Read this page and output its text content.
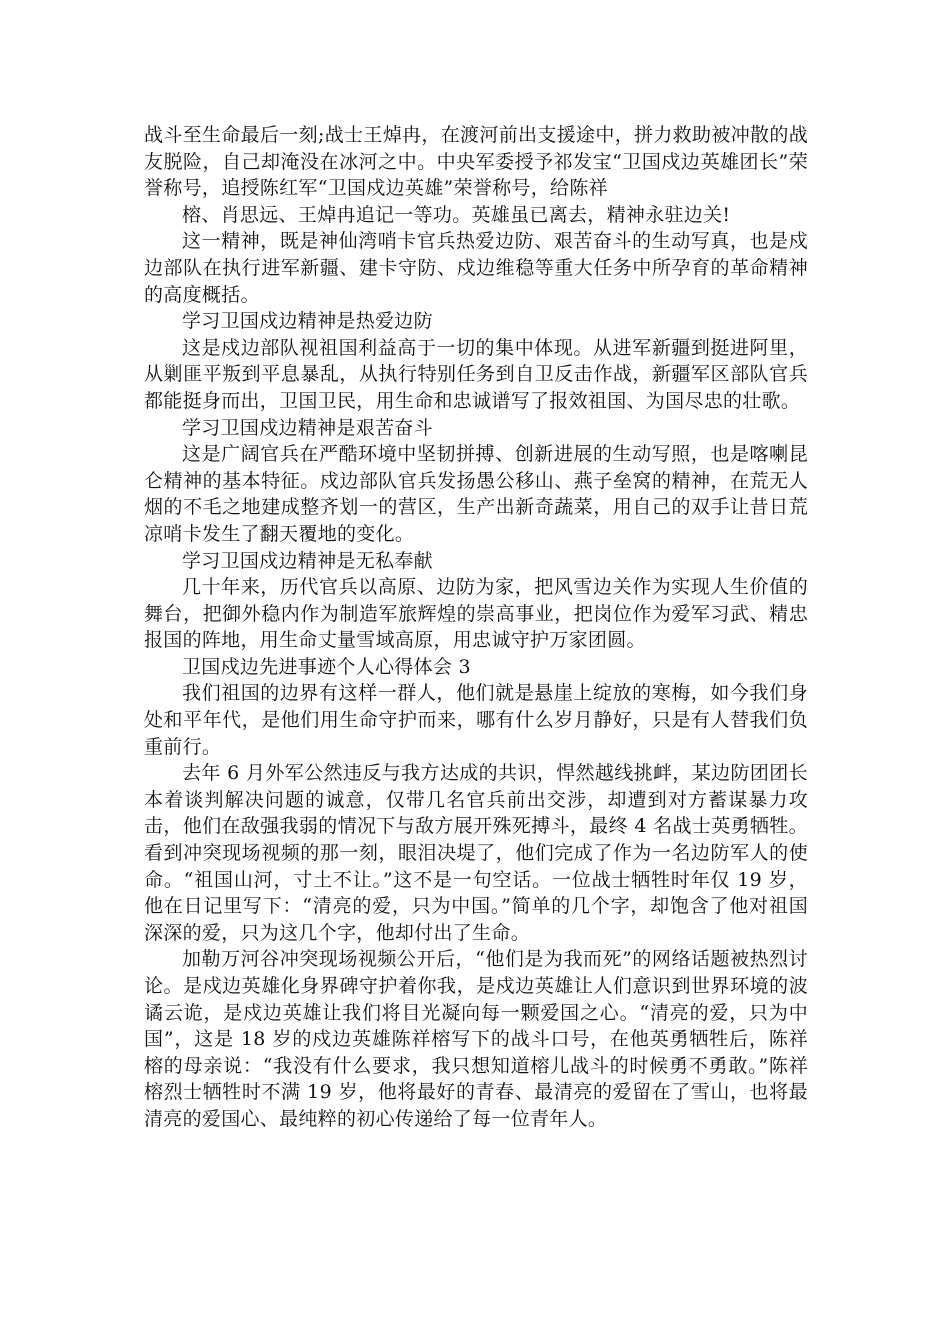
战斗至生命最后一刻;战士王焯冉，在渡河前出支援途中，拼力救助被冲散的战友脱险，自己却淹没在冰河之中。中央军委授予祁发宝“卫国戍边英雄团长”荣誉称号，追授陈红军“卫国戍边英雄”荣誉称号，给陈祥

榕、肖思远、王焯冉追记一等功。英雄虽已离去，精神永驻边关!

这一精神，既是神仙湾哨卡官兵热爱边防、艰苦奋斗的生动写真，也是戍边部队在执行进军新疆、建卡守防、戍边维稳等重大任务中所孕育的革命精神的高度概括。

学习卫国戍边精神是热爱边防

这是戍边部队视祖国利益高于一切的集中体现。从进军新疆到挺进阿里，从剿匪平叛到平息暴乱，从执行特别任务到自卫反击作战，新疆军区部队官兵都能挺身而出，卫国卫民，用生命和忠诚谱写了报效祖国、为国尽忠的壮歌。

学习卫国戍边精神是艰苦奋斗

这是广阔官兵在严酷环境中坚韧拼搏、创新进展的生动写照，也是喀喇昆仑精神的基本特征。戍边部队官兵发扬愚公移山、燕子垒窝的精神，在荒无人烟的不毛之地建成整齐划一的营区，生产出新奇蔬菜，用自己的双手让昔日荒凉哨卡发生了翻天覆地的变化。

学习卫国戍边精神是无私奉献

几十年来，历代官兵以高原、边防为家，把风雪边关作为实现人生价值的舞台，把御外稳内作为制造军旅辉煌的崇高事业，把岗位作为爱军习武、精忠报国的阵地，用生命丈量雪域高原，用忠诚守护万家团圆。

卫国戍边先进事迹个人心得体会 3

我们祖国的边界有这样一群人，他们就是悬崖上绽放的寒梅，如今我们身处和平年代，是他们用生命守护而来，哪有什么岁月静好，只是有人替我们负重前行。

去年 6 月外军公然违反与我方达成的共识，悍然越线挑衅，某边防团团长本着谈判解决问题的诚意，仅带几名官兵前出交涉，却遭到对方蓄谋暴力攻击，他们在敌强我弱的情况下与敌方展开殊死搏斗，最终 4 名战士英勇牺牲。看到冲突现场视频的那一刻，眼泪决堤了，他们完成了作为一名边防军人的使命。“祖国山河，寸土不让。”这不是一句空话。一位战士牺牲时年仅 19 岁，他在日记里写下：“清亮的爱，只为中国。”简单的几个字，却饱含了他对祖国深深的爱，只为这几个字，他却付出了生命。

加勒万河谷冲突现场视频公开后，“他们是为我而死”的网络话题被热烈讨论。是戍边英雄化身界碑守护着你我，是戍边英雄让人们意识到世界环境的波谲云诡，是戍边英雄让我们将目光凝向每一颗爱国之心。“清亮的爱，只为中国”，这是 18 岁的戍边英雄陈祥榕写下的战斗口号，在他英勇牺牲后，陈祥榕的母亲说：“我没有什么要求，我只想知道榕儿战斗的时候勇不勇敢。”陈祥榕烈士牺牲时不满 19 岁，他将最好的青春、最清亮的爱留在了雪山，也将最清亮的爱国心、最纯粹的初心传递给了每一位青年人。
